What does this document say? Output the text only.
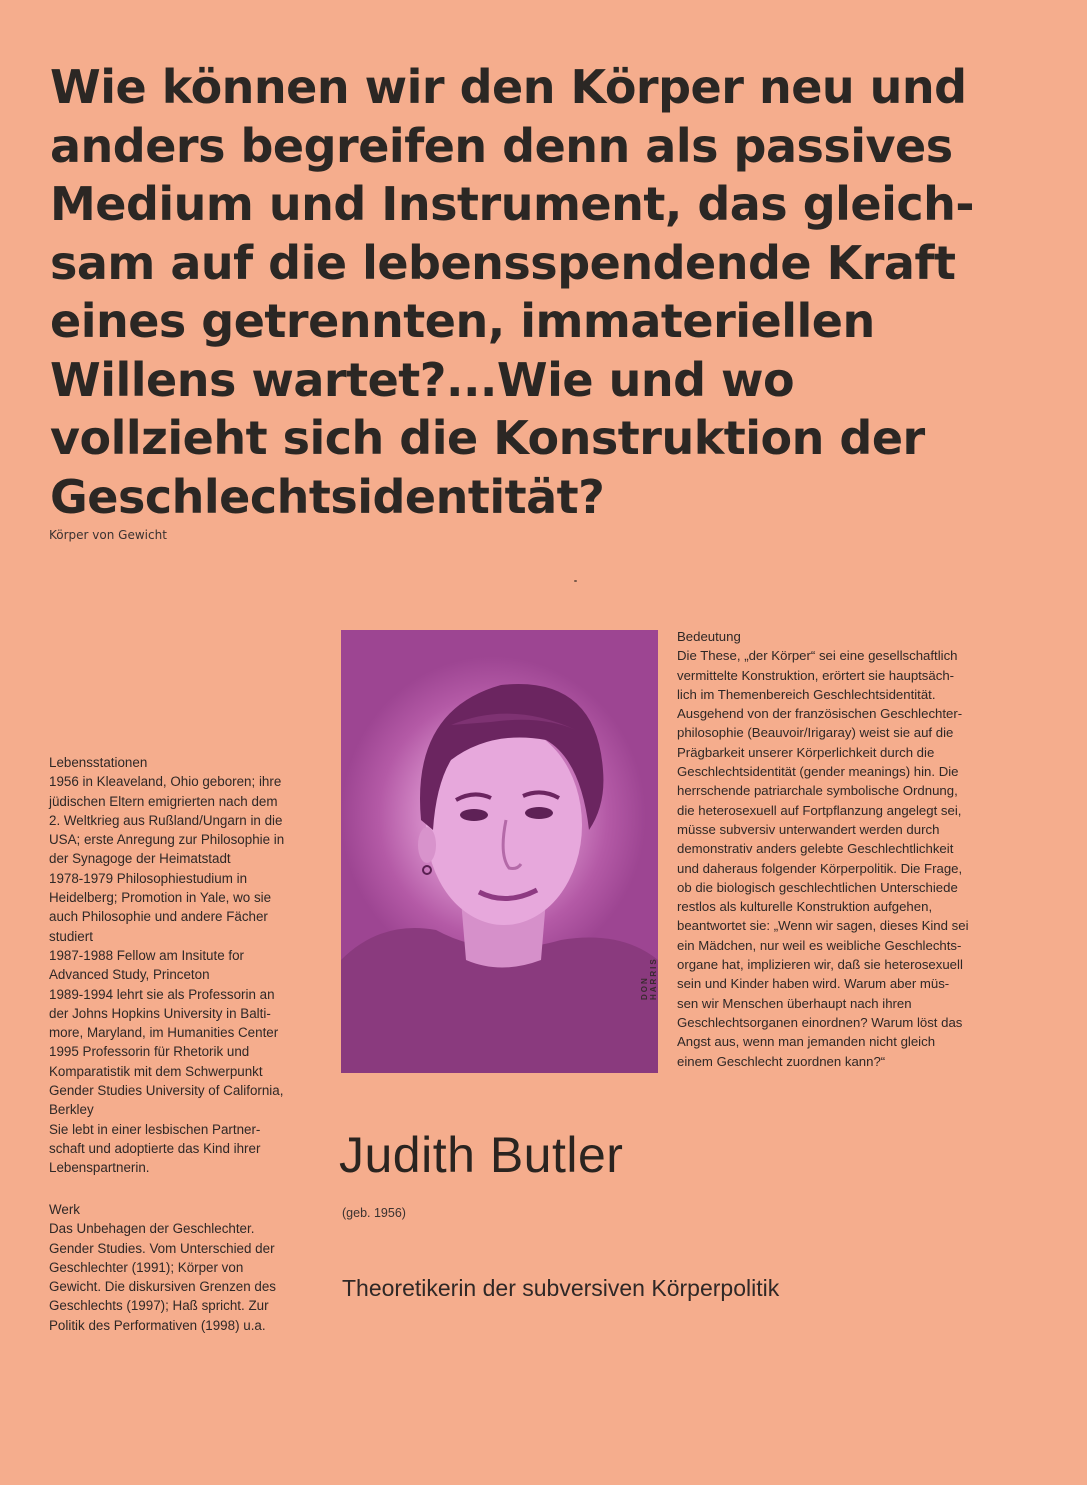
Wie können wir den Körper neu und
anders begreifen denn als passives
Medium und Instrument, das gleich-
sam auf die lebensspendende Kraft
eines getrennten, immateriellen
Willens wartet?...Wie und wo
vollzieht sich die Konstruktion der
Geschlechtsidentität?
Körper von Gewicht
Lebensstationen
1956 in Kleaveland, Ohio geboren; ihre
jüdischen Eltern emigrierten nach dem
2. Weltkrieg aus Rußland/Ungarn in die
USA; erste Anregung zur Philosophie in
der Synagoge der Heimatstadt
1978-1979 Philosophiestudium in
Heidelberg; Promotion in Yale, wo sie
auch Philosophie und andere Fächer
studiert
1987-1988 Fellow am Insitute for
Advanced Study, Princeton
1989-1994 lehrt sie als Professorin an
der Johns Hopkins University in Balti-
more, Maryland, im Humanities Center
1995 Professorin für Rhetorik und
Komparatistik mit dem Schwerpunkt
Gender Studies University of California,
Berkley
Sie lebt in einer lesbischen Partner-
schaft und adoptierte das Kind ihrer
Lebenspartnerin.
Werk
Das Unbehagen der Geschlechter.
Gender Studies. Vom Unterschied der
Geschlechter (1991); Körper von
Gewicht. Die diskursiven Grenzen des
Geschlechts (1997); Haß spricht. Zur
Politik des Performativen (1998) u.a.
DON HARRIS
Bedeutung
Die These, „der Körper“ sei eine gesellschaftlich
vermittelte Konstruktion, erörtert sie hauptsäch-
lich im Themenbereich Geschlechtsidentität.
Ausgehend von der französischen Geschlechter-
philosophie (Beauvoir/Irigaray) weist sie auf die
Prägbarkeit unserer Körperlichkeit durch die
Geschlechtsidentität (gender meanings) hin. Die
herrschende patriarchale symbolische Ordnung,
die heterosexuell auf Fortpflanzung angelegt sei,
müsse subversiv unterwandert werden durch
demonstrativ anders gelebte Geschlechtlichkeit
und daheraus folgender Körperpolitik. Die Frage,
ob die biologisch geschlechtlichen Unterschiede
restlos als kulturelle Konstruktion aufgehen,
beantwortet sie: „Wenn wir sagen, dieses Kind sei
ein Mädchen, nur weil es weibliche Geschlechts-
organe hat, implizieren wir, daß sie heterosexuell
sein und Kinder haben wird. Warum aber müs-
sen wir Menschen überhaupt nach ihren
Geschlechtsorganen einordnen? Warum löst das
Angst aus, wenn man jemanden nicht gleich
einem Geschlecht zuordnen kann?“
Judith Butler
(geb. 1956)
Theoretikerin der subversiven Körperpolitik
